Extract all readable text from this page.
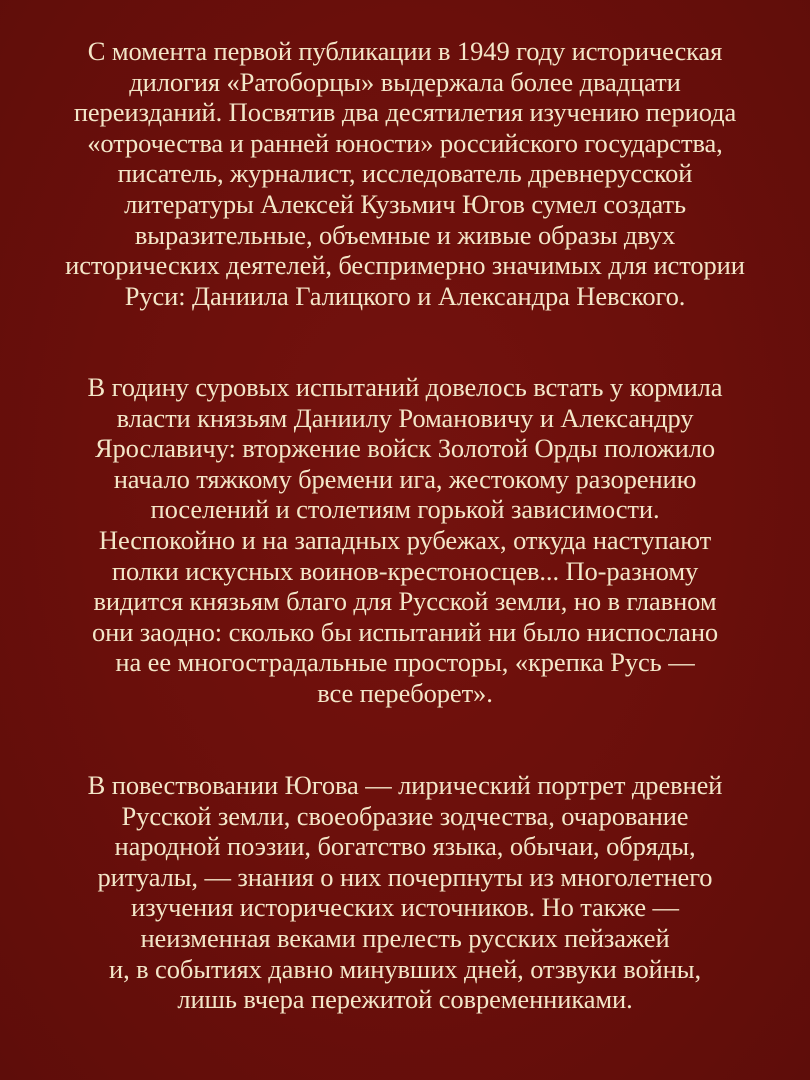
С момента первой публикации в 1949 году историческая
дилогия «Ратоборцы» выдержала более двадцати
переизданий. Посвятив два десятилетия изучению периода
«отрочества и ранней юности» российского государства,
писатель, журналист, исследователь древнерусской
литературы Алексей Кузьмич Югов сумел создать
выразительные, объемные и живые образы двух
исторических деятелей, беспримерно значимых для истории
Руси: Даниила Галицкого и Александра Невского.

В годину суровых испытаний довелось встать у кормила
власти князьям Даниилу Романовичу и Александру
Ярославичу: вторжение войск Золотой Орды положило
начало тяжкому бремени ига, жестокому разорению
поселений и столетиям горькой зависимости.
Неспокойно и на западных рубежах, откуда наступают
полки искусных воинов-крестоносцев... По-разному
видится князьям благо для Русской земли, но в главном
они заодно: сколько бы испытаний ни было ниспослано
на ее многострадальные просторы, «крепка Русь —
все переборет».

В повествовании Югова — лирический портрет древней
Русской земли, своеобразие зодчества, очарование
народной поэзии, богатство языка, обычаи, обряды,
ритуалы, — знания о них почерпнуты из многолетнего
изучения исторических источников. Но также —
неизменная веками прелесть русских пейзажей
и, в событиях давно минувших дней, отзвуки войны,
лишь вчера пережитой современниками.
